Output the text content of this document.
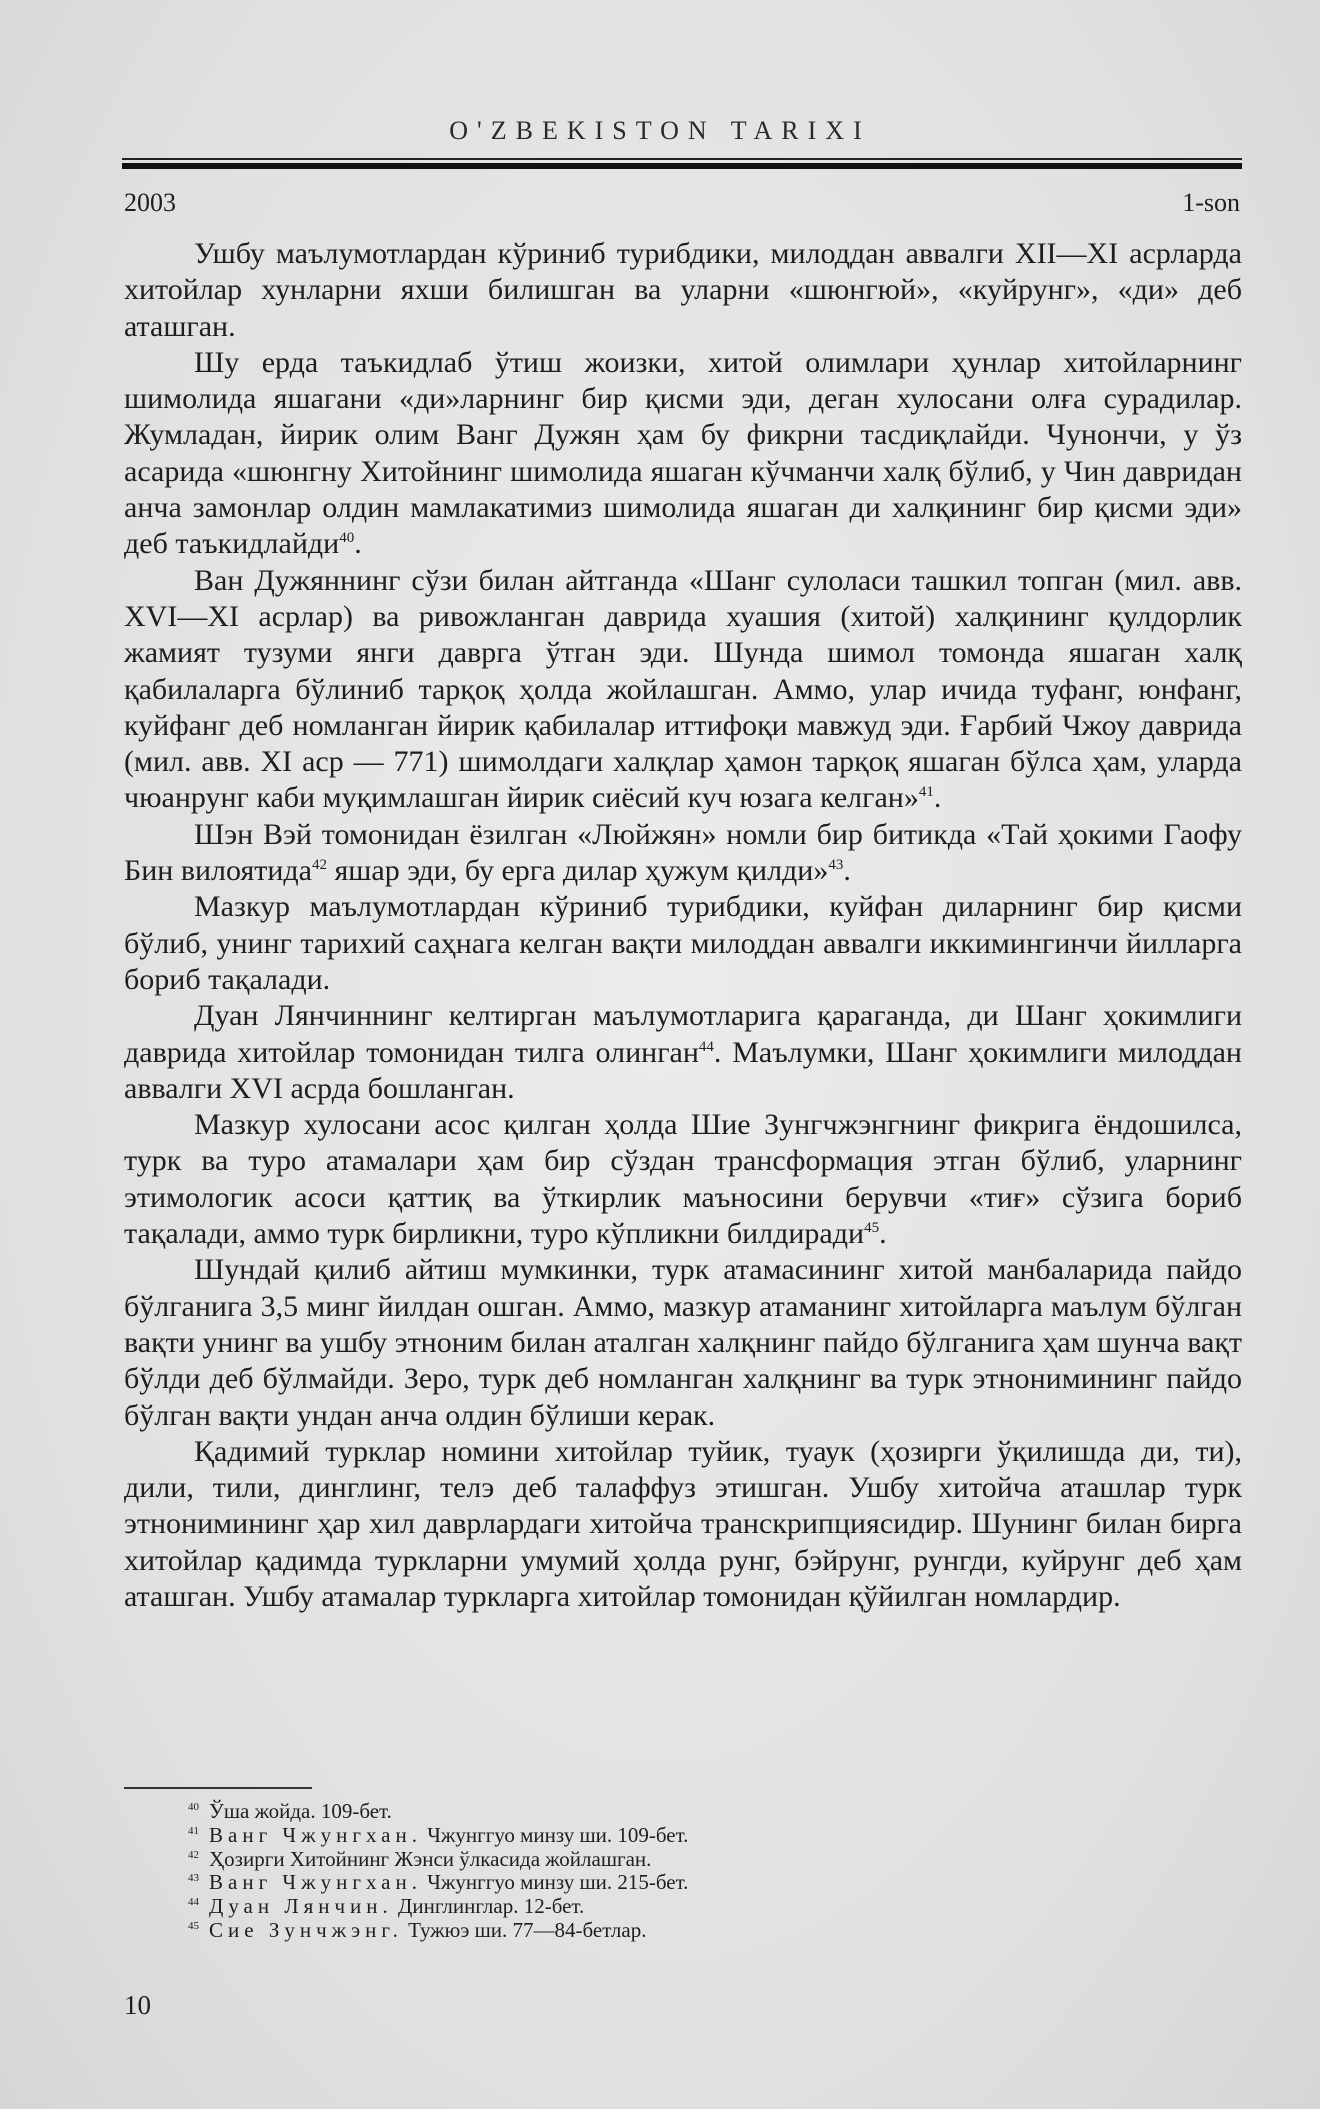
O'ZBEKISTON TARIXI
2003	1-son

Ушбу маълумотлардан кўриниб турибдики, милоддан аввалги XII—XI асрларда хитойлар хунларни яхши билишган ва уларни «шюнгюй», «куйрунг», «ди» деб аташган.

Шу ерда таъкидлаб ўтиш жоизки, хитой олимлари ҳунлар хитойларнинг шимолида яшагани «ди»ларнинг бир қисми эди, деган хулосани олға сурадилар. Жумладан, йирик олим Ванг Дужян ҳам бу фикрни тасдиқлайди. Чунончи, у ўз асарида «шюнгну Хитойнинг шимолида яшаган кўчманчи халқ бўлиб, у Чин давридан анча замонлар олдин мамлакатимиз шимолида яшаган ди халқининг бир қисми эди» деб таъкидлайди$^{40}$.

Ван Дужяннинг сўзи билан айтганда «Шанг сулоласи ташкил топган (мил. авв. XVI—XI асрлар) ва ривожланган даврида хуашия (хитой) халқининг қулдорлик жамият тузуми янги даврга ўтган эди. Шунда шимол томонда яшаган халқ қабилаларга бўлиниб тарқоқ ҳолда жойлашган. Аммо, улар ичида туфанг, юнфанг, куйфанг деб номланган йирик қабилалар иттифоқи мавжуд эди. Ғарбий Чжоу даврида (мил. авв. XI аср — 771) шимолдаги халқлар ҳамон тарқоқ яшаган бўлса ҳам, уларда чюанрунг каби муқимлашган йирик сиёсий куч юзага келган»$^{41}$.

Шэн Вэй томонидан ёзилган «Люйжян» номли бир битикда «Тай ҳокими Гаофу Бин вилоятида$^{42}$ яшар эди, бу ерга дилар ҳужум қилди»$^{43}$.

Мазкур маълумотлардан кўриниб турибдики, куйфан диларнинг бир қисми бўлиб, унинг тарихий саҳнага келган вақти милоддан аввалги иккимингинчи йилларга бориб тақалади.

Дуан Лянчиннинг келтирган маълумотларига қараганда, ди Шанг ҳокимлиги даврида хитойлар томонидан тилга олинган$^{44}$. Маълумки, Шанг ҳокимлиги милоддан аввалги XVI асрда бошланган.

Мазкур хулосани асос қилган ҳолда Шие Зунгчжэнгнинг фикрига ёндошилса, турк ва туро атамалари ҳам бир сўздан трансформация этган бўлиб, уларнинг этимологик асоси қаттиқ ва ўткирлик маъносини берувчи «тиғ» сўзига бориб тақалади, аммо турк бирликни, туро кўпликни билдиради$^{45}$.

Шундай қилиб айтиш мумкинки, турк атамасининг хитой манбаларида пайдо бўлганига 3,5 минг йилдан ошган. Аммо, мазкур атаманинг хитойларга маълум бўлган вақти унинг ва ушбу этноним билан аталган халқнинг пайдо бўлганига ҳам шунча вақт бўлди деб бўлмайди. Зеро, турк деб номланган халқнинг ва турк этнонимининг пайдо бўлган вақти ундан анча олдин бўлиши керак.

Қадимий турклар номини хитойлар туйик, туаук (ҳозирги ўқилишда ди, ти), дили, тили, динглинг, телэ деб талаффуз этишган. Ушбу хитойча аташлар турк этнонимининг ҳар хил даврлардаги хитойча транскрипциясидир. Шунинг билан бирга хитойлар қадимда туркларни умумий ҳолда рунг, бэйрунг, рунгди, куйрунг деб ҳам аташган. Ушбу атамалар туркларга хитойлар томонидан қўйилган номлардир.

$^{40}$ Ўша жойда. 109-бет.
$^{41}$ Ванг Чжунгхан. Чжунггуо минзу ши. 109-бет.
$^{42}$ Ҳозирги Хитойнинг Жэнси ўлкасида жойлашган.
$^{43}$ Ванг Чжунгхан. Чжунггуо минзу ши. 215-бет.
$^{44}$ Дуан Лянчин. Динглинглар. 12-бет.
$^{45}$ Сие Зунчжэнг. Тужюэ ши. 77—84-бетлар.
10
